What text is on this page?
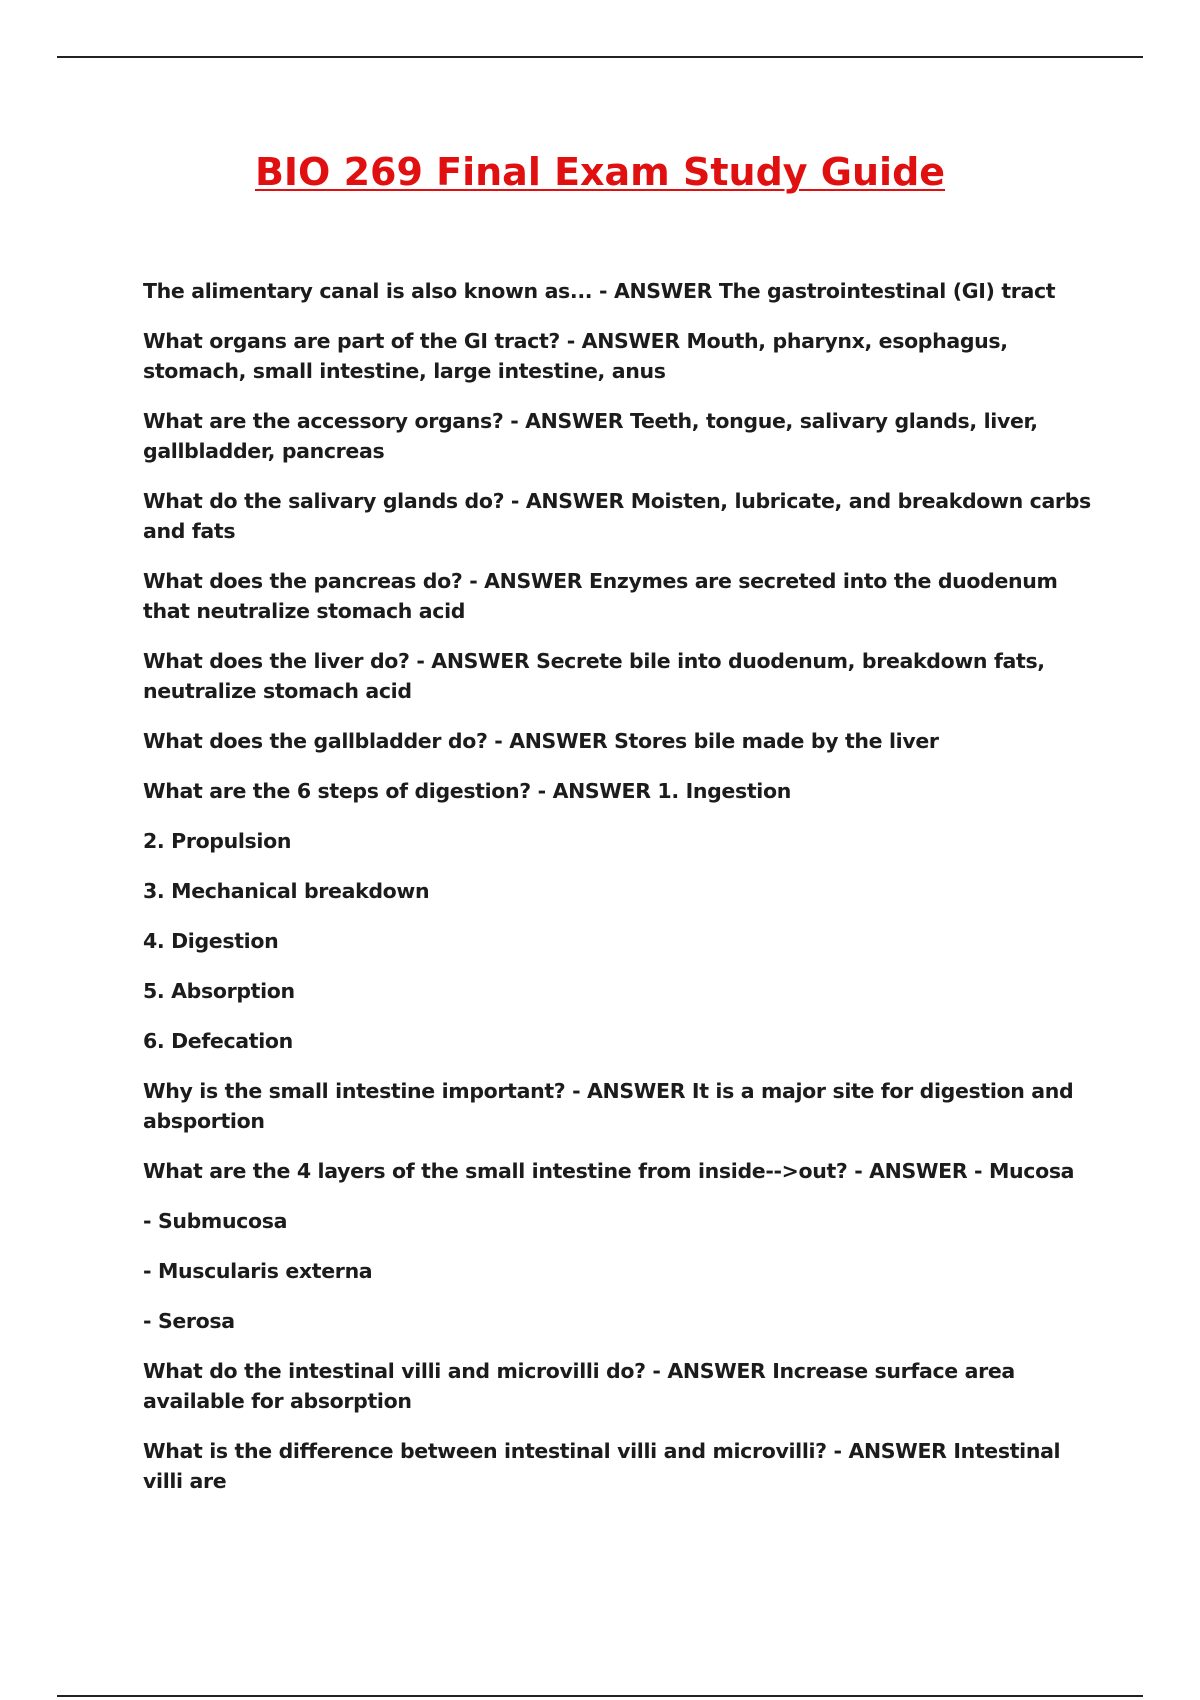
BIO 269 Final Exam Study Guide

The alimentary canal is also known as... - ANSWER The gastrointestinal (GI) tract

What organs are part of the GI tract? - ANSWER Mouth, pharynx, esophagus, stomach, small intestine, large intestine, anus

What are the accessory organs? - ANSWER Teeth, tongue, salivary glands, liver, gallbladder, pancreas

What do the salivary glands do? - ANSWER Moisten, lubricate, and breakdown carbs and fats

What does the pancreas do? - ANSWER Enzymes are secreted into the duodenum that neutralize stomach acid

What does the liver do? - ANSWER Secrete bile into duodenum, breakdown fats, neutralize stomach acid

What does the gallbladder do? - ANSWER Stores bile made by the liver

What are the 6 steps of digestion? - ANSWER 1. Ingestion

2. Propulsion

3. Mechanical breakdown

4. Digestion

5. Absorption

6. Defecation

Why is the small intestine important? - ANSWER It is a major site for digestion and absportion

What are the 4 layers of the small intestine from inside-->out? - ANSWER - Mucosa

- Submucosa

- Muscularis externa

- Serosa

What do the intestinal villi and microvilli do? - ANSWER Increase surface area available for absorption

What is the difference between intestinal villi and microvilli? - ANSWER Intestinal villi are
